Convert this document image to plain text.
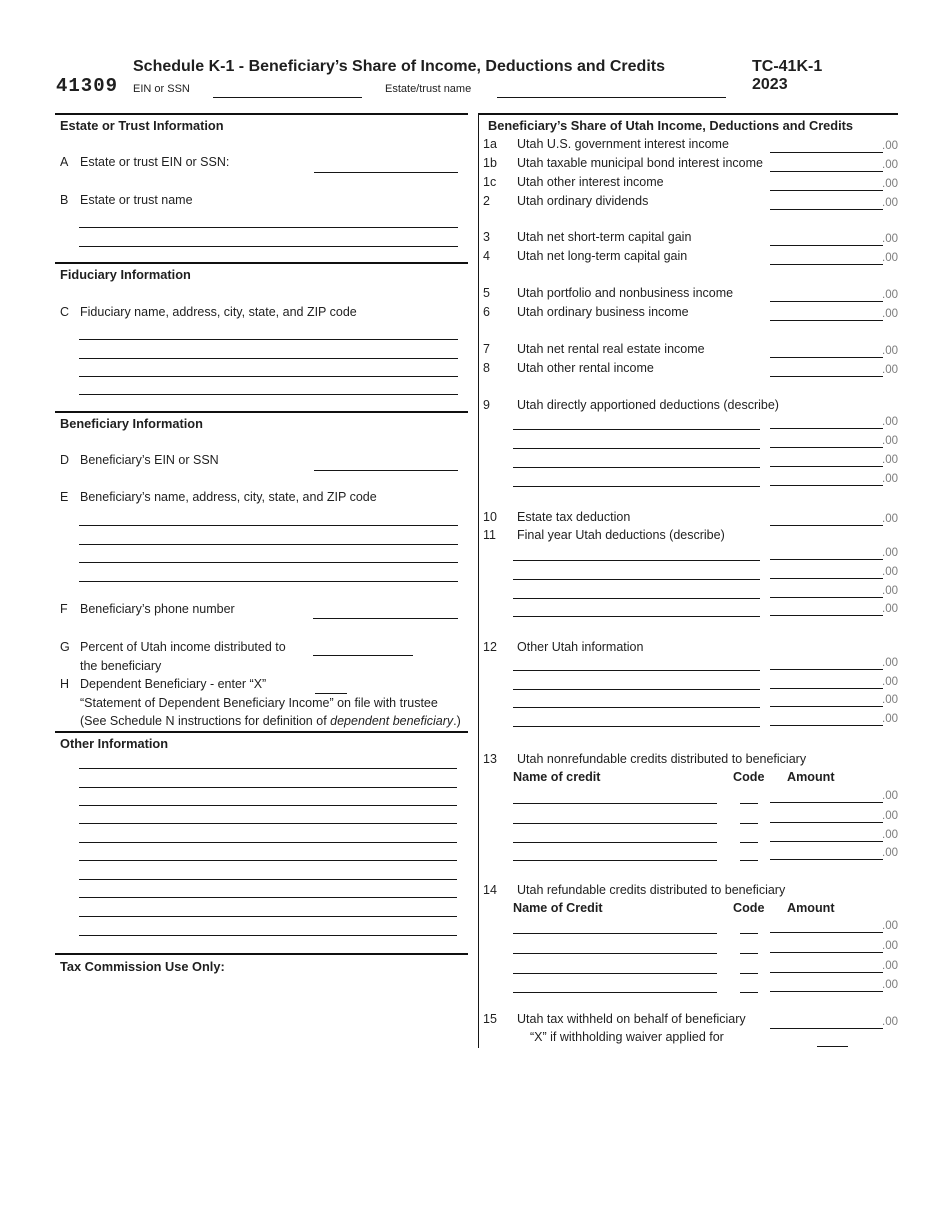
41309
Schedule K-1 - Beneficiary’s Share of Income, Deductions and Credits	TC-41K-1
2023
EIN or SSN	Estate/trust name
Estate or Trust Information
A Estate or trust EIN or SSN:
B Estate or trust name
Fiduciary Information
C Fiduciary name, address, city, state, and ZIP code
Beneficiary Information
D Beneficiary’s EIN or SSN
E Beneficiary’s name, address, city, state, and ZIP code
F Beneficiary’s phone number
G Percent of Utah income distributed to
the beneficiary
H Dependent Beneficiary - enter “X”
“Statement of Dependent Beneficiary Income” on file with trustee
(See Schedule N instructions for definition of dependent beneficiary.)
Other Information
Tax Commission Use Only:
Beneficiary’s Share of Utah Income, Deductions and Credits
1a Utah U.S. government interest income	.00
1b Utah taxable municipal bond interest income	.00
1c Utah other interest income	.00
2 Utah ordinary dividends	.00
3 Utah net short-term capital gain	.00
4 Utah net long-term capital gain	.00
5 Utah portfolio and nonbusiness income	.00
6 Utah ordinary business income	.00
7 Utah net rental real estate income	.00
8 Utah other rental income	.00
9 Utah directly apportioned deductions (describe)
.00
.00
.00
.00
10 Estate tax deduction	.00
11 Final year Utah deductions (describe)
.00
.00
.00
.00
12 Other Utah information
.00
.00
.00
.00
13 Utah nonrefundable credits distributed to beneficiary
Name of credit	Code Amount
.00
.00
.00
.00
14 Utah refundable credits distributed to beneficiary
Name of Credit	Code Amount
.00
.00
.00
.00
15 Utah tax withheld on behalf of beneficiary	.00
“X” if withholding waiver applied for
